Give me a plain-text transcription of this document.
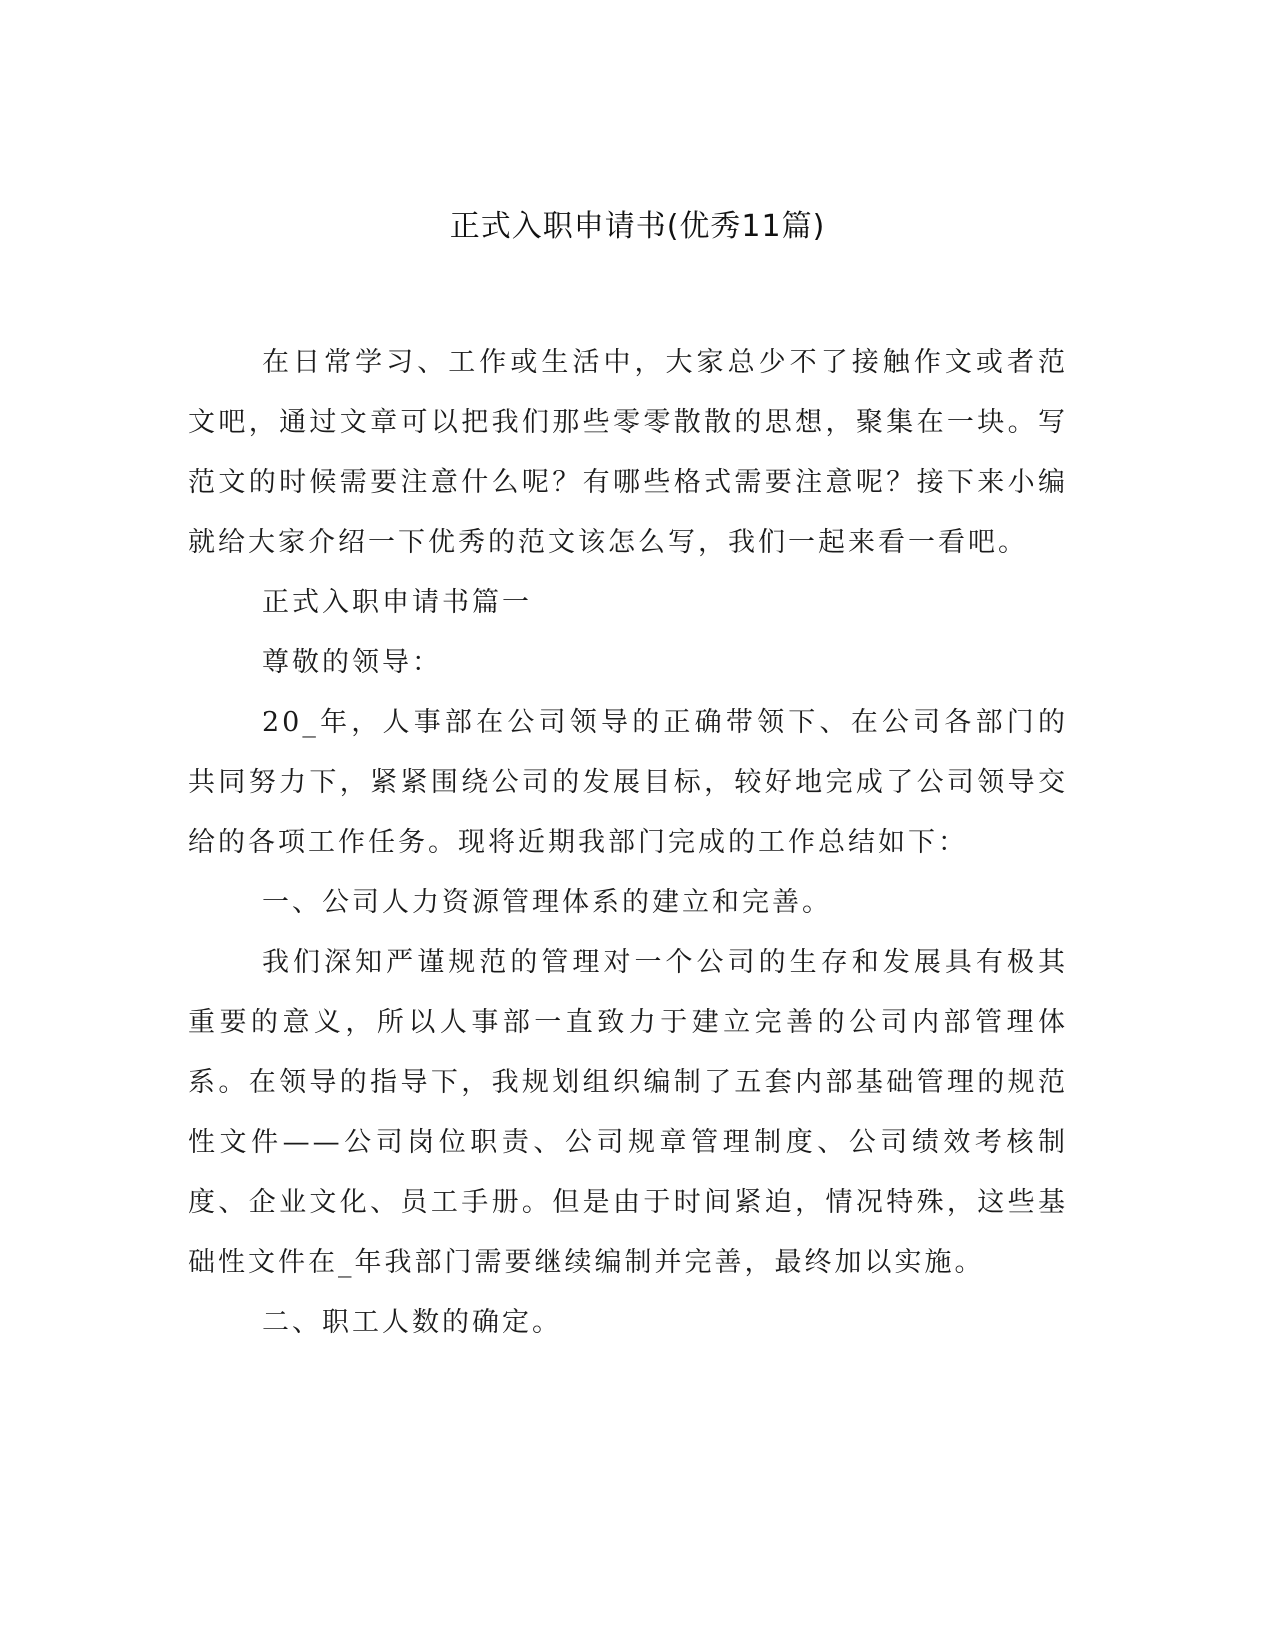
正式入职申请书(优秀11篇)

在日常学习、工作或生活中，大家总少不了接触作文或者范文吧，通过文章可以把我们那些零零散散的思想，聚集在一块。写范文的时候需要注意什么呢？有哪些格式需要注意呢？接下来小编就给大家介绍一下优秀的范文该怎么写，我们一起来看一看吧。

正式入职申请书篇一

尊敬的领导：

20_年，人事部在公司领导的正确带领下、在公司各部门的共同努力下，紧紧围绕公司的发展目标，较好地完成了公司领导交给的各项工作任务。现将近期我部门完成的工作总结如下：

一、公司人力资源管理体系的建立和完善。

我们深知严谨规范的管理对一个公司的生存和发展具有极其重要的意义，所以人事部一直致力于建立完善的公司内部管理体系。在领导的指导下，我规划组织编制了五套内部基础管理的规范性文件——公司岗位职责、公司规章管理制度、公司绩效考核制度、企业文化、员工手册。但是由于时间紧迫，情况特殊，这些基础性文件在_年我部门需要继续编制并完善，最终加以实施。

二、职工人数的确定。
